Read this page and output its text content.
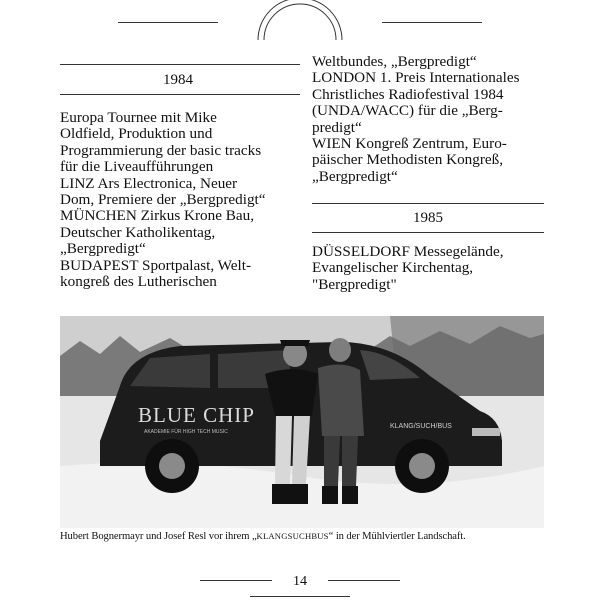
1984
Europa Tournee mit Mike
Oldfield, Produktion und
Programmierung der basic tracks
für die Liveaufführungen
LINZ Ars Electronica, Neuer
Dom, Premiere der „Bergpredigt“
MÜNCHEN Zirkus Krone Bau,
Deutscher Katholikentag,
„Bergpredigt“
BUDAPEST Sportpalast, Welt-
kongreß des Lutherischen
Weltbundes, „Bergpredigt“
LONDON 1. Preis Internationales
Christliches Radiofestival 1984
(UNDA/WACC) für die „Berg-
predigt“
WIEN Kongreß Zentrum, Euro-
päischer Methodisten Kongreß,
„Bergpredigt“
1985
DÜSSELDORF Messegelände,
Evangelischer Kirchentag,
"Bergpredigt"
BLUE CHIP
AKADEMIE FÜR HIGH TECH MUSIC
KLANG/SUCH/BUS
Hubert Bognermayr und Josef Resl vor ihrem „KLANGSUCHBUS“ in der Mühlviertler Landschaft.
14
